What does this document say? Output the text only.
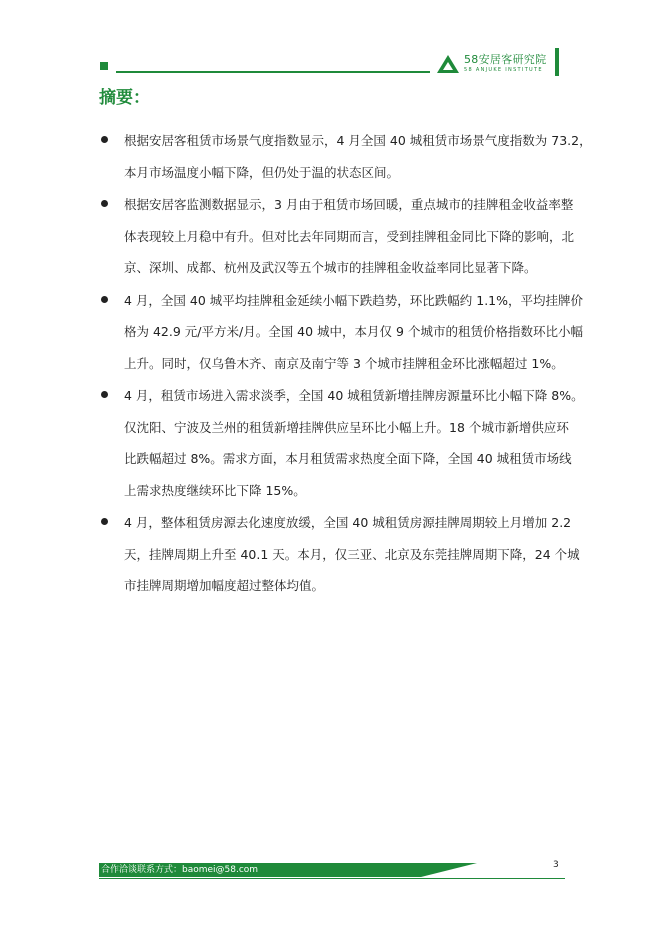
58安居客研究院
58 ANJUKE INSTITUTE
摘要：
根据安居客租赁市场景气度指数显示，4 月全国 40 城租赁市场景气度指数为 73.2，
本月市场温度小幅下降，但仍处于温的状态区间。
根据安居客监测数据显示，3 月由于租赁市场回暖，重点城市的挂牌租金收益率整
体表现较上月稳中有升。但对比去年同期而言，受到挂牌租金同比下降的影响，北
京、深圳、成都、杭州及武汉等五个城市的挂牌租金收益率同比显著下降。
4 月，全国 40 城平均挂牌租金延续小幅下跌趋势，环比跌幅约 1.1%，平均挂牌价
格为 42.9 元/平方米/月。全国 40 城中，本月仅 9 个城市的租赁价格指数环比小幅
上升。同时，仅乌鲁木齐、南京及南宁等 3 个城市挂牌租金环比涨幅超过 1%。
4 月，租赁市场进入需求淡季，全国 40 城租赁新增挂牌房源量环比小幅下降 8%。
仅沈阳、宁波及兰州的租赁新增挂牌供应呈环比小幅上升。18 个城市新增供应环
比跌幅超过 8%。需求方面，本月租赁需求热度全面下降，全国 40 城租赁市场线
上需求热度继续环比下降 15%。
4 月，整体租赁房源去化速度放缓，全国 40 城租赁房源挂牌周期较上月增加 2.2
天，挂牌周期上升至 40.1 天。本月，仅三亚、北京及东莞挂牌周期下降，24 个城
市挂牌周期增加幅度超过整体均值。
合作洽谈联系方式：baomei@58.com	3
